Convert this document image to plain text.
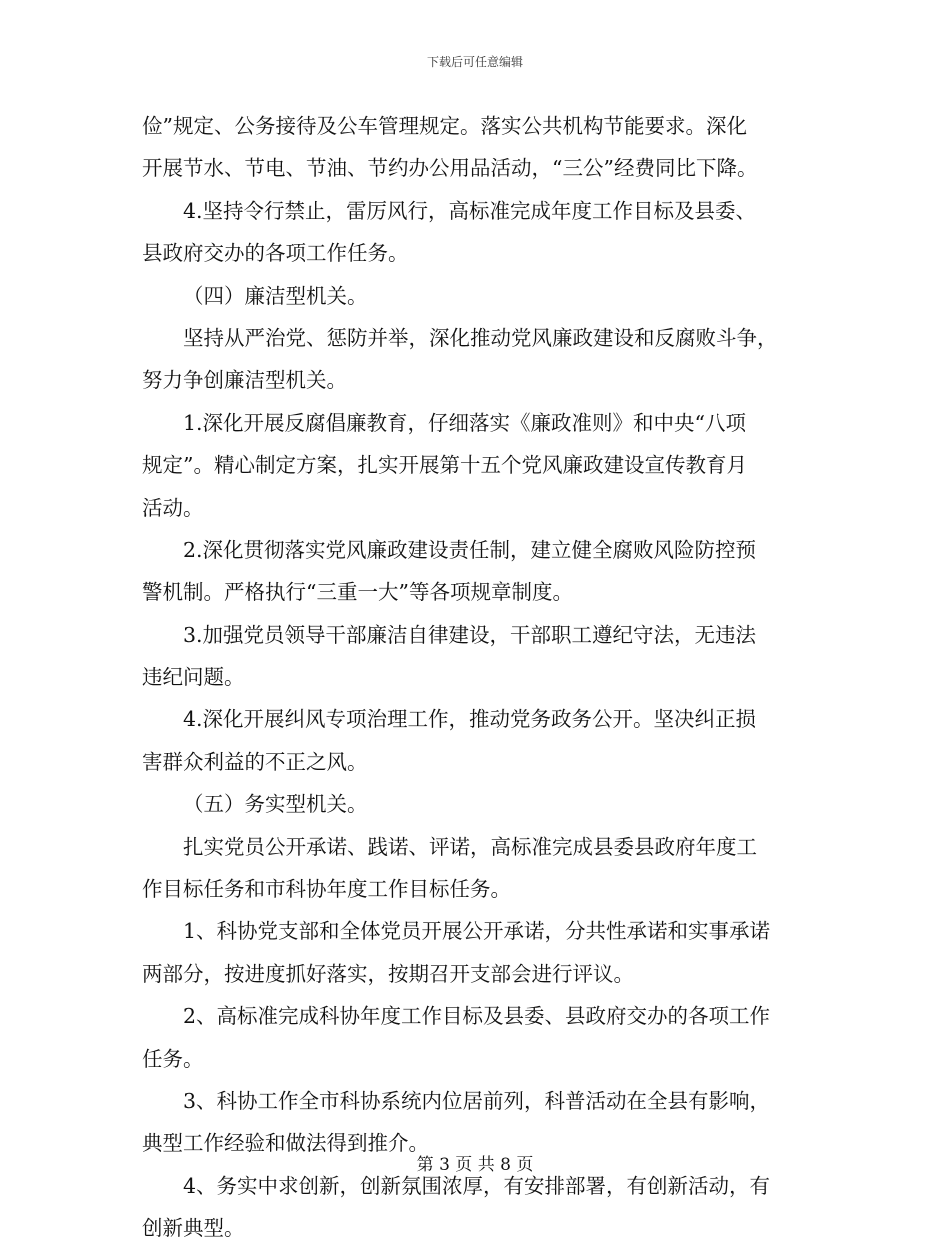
下载后可任意编辑
俭”规定、公务接待及公车管理规定。落实公共机构节能要求。深化
开展节水、节电、节油、节约办公用品活动，“三公”经费同比下降。
4.坚持令行禁止，雷厉风行，高标准完成年度工作目标及县委、
县政府交办的各项工作任务。
（四）廉洁型机关。
坚持从严治党、惩防并举，深化推动党风廉政建设和反腐败斗争，
努力争创廉洁型机关。
1.深化开展反腐倡廉教育，仔细落实《廉政准则》和中央“八项
规定”。精心制定方案，扎实开展第十五个党风廉政建设宣传教育月
活动。
2.深化贯彻落实党风廉政建设责任制，建立健全腐败风险防控预
警机制。严格执行“三重一大”等各项规章制度。
3.加强党员领导干部廉洁自律建设，干部职工遵纪守法，无违法
违纪问题。
4.深化开展纠风专项治理工作，推动党务政务公开。坚决纠正损
害群众利益的不正之风。
（五）务实型机关。
扎实党员公开承诺、践诺、评诺，高标准完成县委县政府年度工
作目标任务和市科协年度工作目标任务。
1、科协党支部和全体党员开展公开承诺，分共性承诺和实事承诺
两部分，按进度抓好落实，按期召开支部会进行评议。
2、高标准完成科协年度工作目标及县委、县政府交办的各项工作
任务。
3、科协工作全市科协系统内位居前列，科普活动在全县有影响，
典型工作经验和做法得到推介。
4、务实中求创新，创新氛围浓厚，有安排部署，有创新活动，有
创新典型。
第 3 页 共 8 页
